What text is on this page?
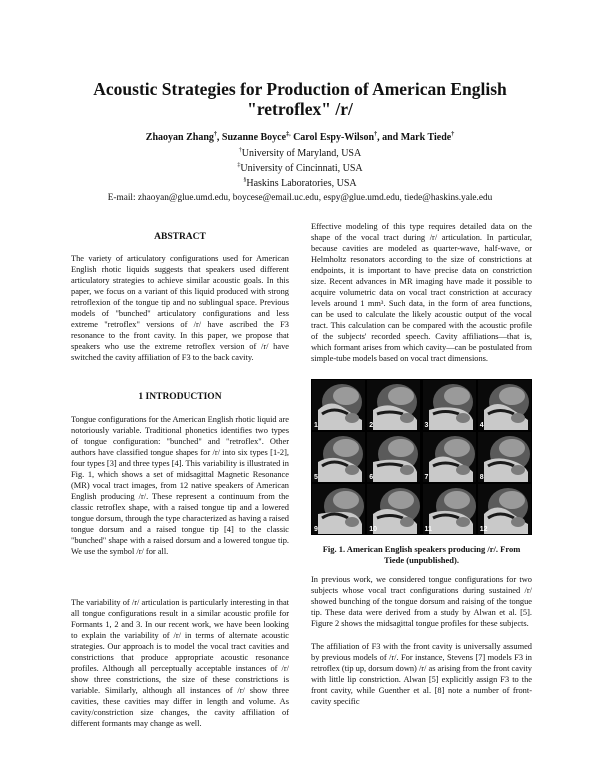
Acoustic Strategies for Production of American English
"retroflex" /r/
Zhaoyan Zhang†, Suzanne Boyce‡, Carol Espy-Wilson†, and Mark Tiede†
†University of Maryland, USA
‡University of Cincinnati, USA
§Haskins Laboratories, USA
E-mail: zhaoyan@glue.umd.edu, boycese@email.uc.edu, espy@glue.umd.edu, tiede@haskins.yale.edu
ABSTRACT
The variety of articulatory configurations used for American English rhotic liquids suggests that speakers used different articulatory strategies to achieve similar acoustic goals. In this paper, we focus on a variant of this liquid produced with strong retroflexion of the tongue tip and no sublingual space. Previous models of "bunched" articulatory configurations and less extreme "retroflex" versions of /r/ have ascribed the F3 resonance to the front cavity. In this paper, we propose that speakers who use the extreme retroflex version of /r/ have switched the cavity affiliation of F3 to the back cavity.
1 INTRODUCTION
Tongue configurations for the American English rhotic liquid are notoriously variable. Traditional phonetics identifies two types of tongue configuration: "bunched" and "retroflex". Other authors have classified tongue shapes for /r/ into six types [1-2], four types [3] and three types [4]. This variability is illustrated in Fig. 1, which shows a set of midsagittal Magnetic Resonance (MR) vocal tract images, from 12 native speakers of American English producing /r/. These represent a continuum from the classic retroflex shape, with a raised tongue tip and a lowered tongue dorsum, through the type characterized as having a raised tongue dorsum and a raised tongue tip [4] to the classic "bunched" shape with a raised dorsum and a lowered tongue tip. We use the symbol /r/ for all.
The variability of /r/ articulation is particularly interesting in that all tongue configurations result in a similar acoustic profile for Formants 1, 2 and 3. In our recent work, we have been looking to explain the variability of /r/ in terms of alternate acoustic strategies. Our approach is to model the vocal tract cavities and constrictions that produce appropriate acoustic resonance profiles. Although all perceptually acceptable instances of /r/ show three constrictions, the size of these constrictions is variable. Similarly, although all instances of /r/ show three cavities, these cavities may differ in length and volume. As cavity/constriction size changes, the cavity affiliation of different formants may change as well.
Effective modeling of this type requires detailed data on the shape of the vocal tract during /r/ articulation. In particular, because cavities are modeled as quarter-wave, half-wave, or Helmholtz resonators according to the size of constrictions at endpoints, it is important to have precise data on constriction size. Recent advances in MR imaging have made it possible to acquire volumetric data on vocal tract constriction at accuracy levels around 1 mm³. Such data, in the form of area functions, can be used to calculate the likely acoustic output of the vocal tract. This calculation can be compared with the acoustic profile of the subjects' recorded speech. Cavity affiliations—that is, which formant arises from which cavity—can be postulated from simple-tube models based on vocal tract dimensions.
1	2	3	4
5	6	7	8
9	10	11	12
Fig. 1. American English speakers producing /r/. From
Tiede (unpublished).
In previous work, we considered tongue configurations for two subjects whose vocal tract configurations during sustained /r/ showed bunching of the tongue dorsum and raising of the tongue tip. These data were derived from a study by Alwan et al. [5]. Figure 2 shows the midsagittal tongue profiles for these subjects.
The affiliation of F3 with the front cavity is universally assumed by previous models of /r/. For instance, Stevens [7] models F3 in retroflex (tip up, dorsum down) /r/ as arising from the front cavity with little lip constriction. Alwan [5] explicitly assign F3 to the front cavity, while Guenther et al. [8] note a number of front-cavity specific
